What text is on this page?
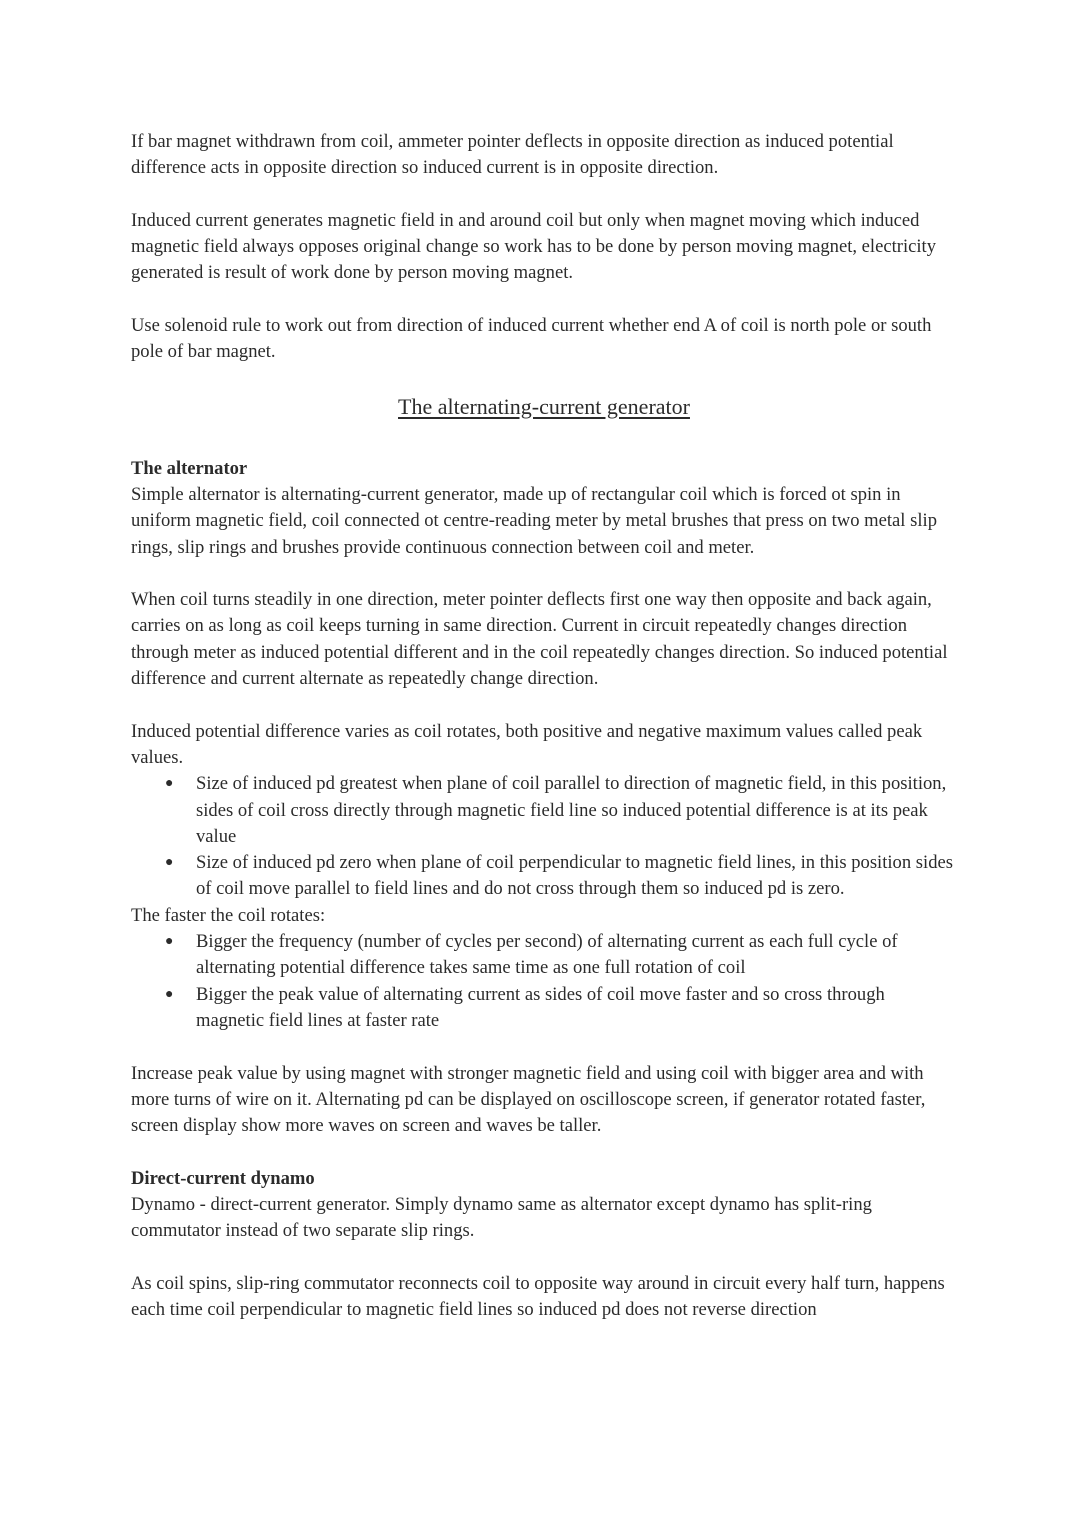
If bar magnet withdrawn from coil, ammeter pointer deflects in opposite direction as induced potential difference acts in opposite direction so induced current is in opposite direction.

Induced current generates magnetic field in and around coil but only when magnet moving which induced magnetic field always opposes original change so work has to be done by person moving magnet, electricity generated is result of work done by person moving magnet.

Use solenoid rule to work out from direction of induced current whether end A of coil is north pole or south pole of bar magnet.

The alternating-current generator

The alternator

Simple alternator is alternating-current generator, made up of rectangular coil which is forced ot spin in uniform magnetic field, coil connected ot centre-reading meter by metal brushes that press on two metal slip rings, slip rings and brushes provide continuous connection between coil and meter.

When coil turns steadily in one direction, meter pointer deflects first one way then opposite and back again, carries on as long as coil keeps turning in same direction. Current in circuit repeatedly changes direction through meter as induced potential different and in the coil repeatedly changes direction. So induced potential difference and current alternate as repeatedly change direction.

Induced potential difference varies as coil rotates, both positive and negative maximum values called peak values.

● Size of induced pd greatest when plane of coil parallel to direction of magnetic field, in this position, sides of coil cross directly through magnetic field line so induced potential difference is at its peak value
● Size of induced pd zero when plane of coil perpendicular to magnetic field lines, in this position sides of coil move parallel to field lines and do not cross through them so induced pd is zero.

The faster the coil rotates:

● Bigger the frequency (number of cycles per second) of alternating current as each full cycle of alternating potential difference takes same time as one full rotation of coil
● Bigger the peak value of alternating current as sides of coil move faster and so cross through magnetic field lines at faster rate

Increase peak value by using magnet with stronger magnetic field and using coil with bigger area and with more turns of wire on it. Alternating pd can be displayed on oscilloscope screen, if generator rotated faster, screen display show more waves on screen and waves be taller.

Direct-current dynamo

Dynamo - direct-current generator. Simply dynamo same as alternator except dynamo has split-ring commutator instead of two separate slip rings.

As coil spins, slip-ring commutator reconnects coil to opposite way around in circuit every half turn, happens each time coil perpendicular to magnetic field lines so induced pd does not reverse direction
